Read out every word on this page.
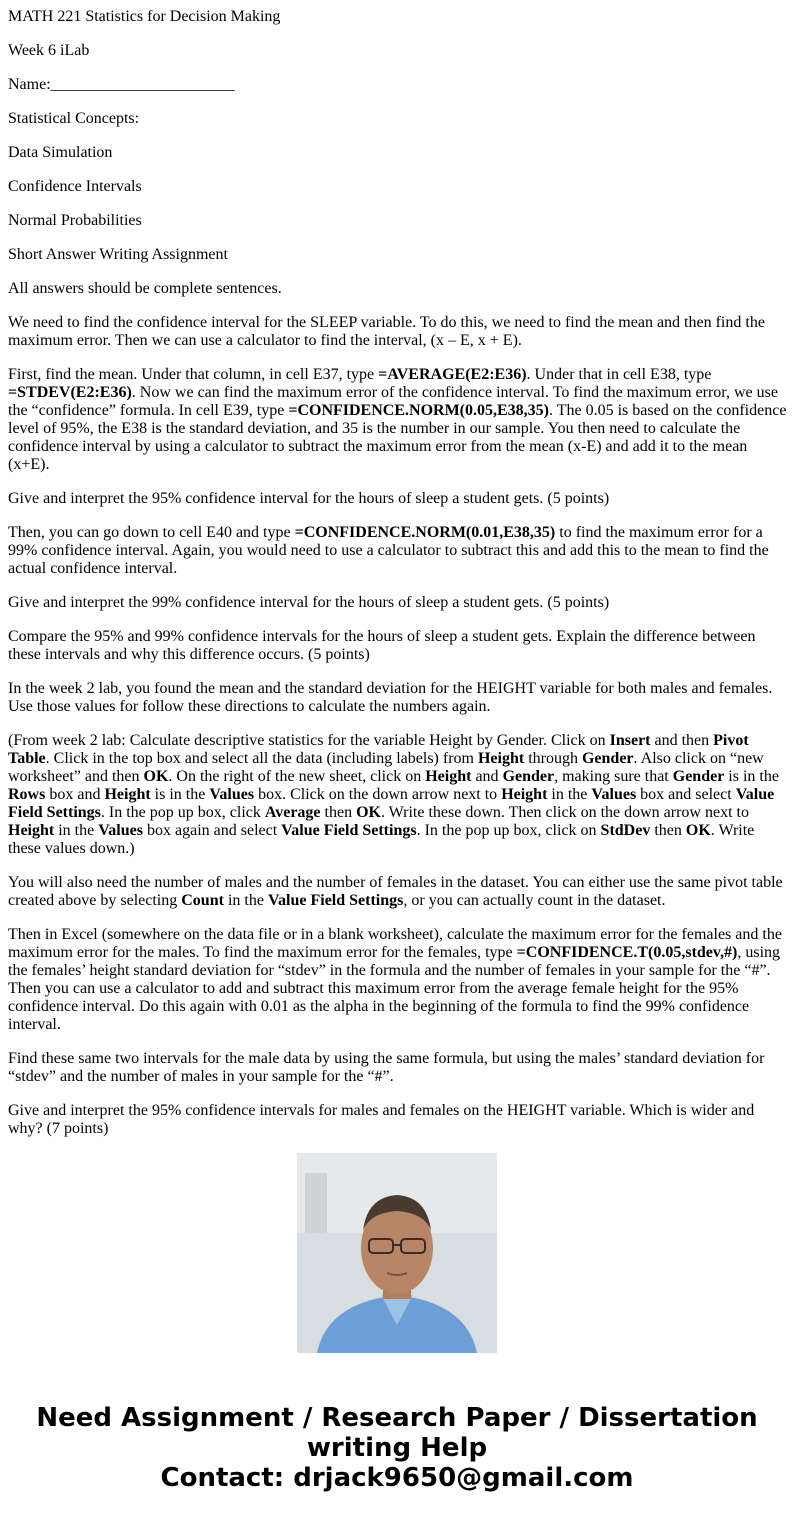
MATH 221 Statistics for Decision Making

Week 6 iLab

Name:_______________________

Statistical Concepts:

Data Simulation

Confidence Intervals

Normal Probabilities

Short Answer Writing Assignment

All answers should be complete sentences.

We need to find the confidence interval for the SLEEP variable. To do this, we need to find the mean and then find the maximum error. Then we can use a calculator to find the interval, (x – E, x + E).

First, find the mean. Under that column, in cell E37, type =AVERAGE(E2:E36). Under that in cell E38, type =STDEV(E2:E36). Now we can find the maximum error of the confidence interval. To find the maximum error, we use the “confidence” formula. In cell E39, type =CONFIDENCE.NORM(0.05,E38,35). The 0.05 is based on the confidence level of 95%, the E38 is the standard deviation, and 35 is the number in our sample. You then need to calculate the confidence interval by using a calculator to subtract the maximum error from the mean (x-E) and add it to the mean (x+E).

Give and interpret the 95% confidence interval for the hours of sleep a student gets. (5 points)

Then, you can go down to cell E40 and type =CONFIDENCE.NORM(0.01,E38,35) to find the maximum error for a 99% confidence interval. Again, you would need to use a calculator to subtract this and add this to the mean to find the actual confidence interval.

Give and interpret the 99% confidence interval for the hours of sleep a student gets. (5 points)

Compare the 95% and 99% confidence intervals for the hours of sleep a student gets. Explain the difference between these intervals and why this difference occurs. (5 points)

In the week 2 lab, you found the mean and the standard deviation for the HEIGHT variable for both males and females. Use those values for follow these directions to calculate the numbers again.

(From week 2 lab: Calculate descriptive statistics for the variable Height by Gender. Click on Insert and then Pivot Table. Click in the top box and select all the data (including labels) from Height through Gender. Also click on “new worksheet” and then OK. On the right of the new sheet, click on Height and Gender, making sure that Gender is in the Rows box and Height is in the Values box. Click on the down arrow next to Height in the Values box and select Value Field Settings. In the pop up box, click Average then OK. Write these down. Then click on the down arrow next to Height in the Values box again and select Value Field Settings. In the pop up box, click on StdDev then OK. Write these values down.)

You will also need the number of males and the number of females in the dataset. You can either use the same pivot table created above by selecting Count in the Value Field Settings, or you can actually count in the dataset.

Then in Excel (somewhere on the data file or in a blank worksheet), calculate the maximum error for the females and the maximum error for the males. To find the maximum error for the females, type =CONFIDENCE.T(0.05,stdev,#), using the females’ height standard deviation for “stdev” in the formula and the number of females in your sample for the “#”. Then you can use a calculator to add and subtract this maximum error from the average female height for the 95% confidence interval. Do this again with 0.01 as the alpha in the beginning of the formula to find the 99% confidence interval.

Find these same two intervals for the male data by using the same formula, but using the males’ standard deviation for “stdev” and the number of males in your sample for the “#”.

Give and interpret the 95% confidence intervals for males and females on the HEIGHT variable. Which is wider and why? (7 points)

Need Assignment / Research Paper / Dissertation
writing Help
Contact: drjack9650@gmail.com
